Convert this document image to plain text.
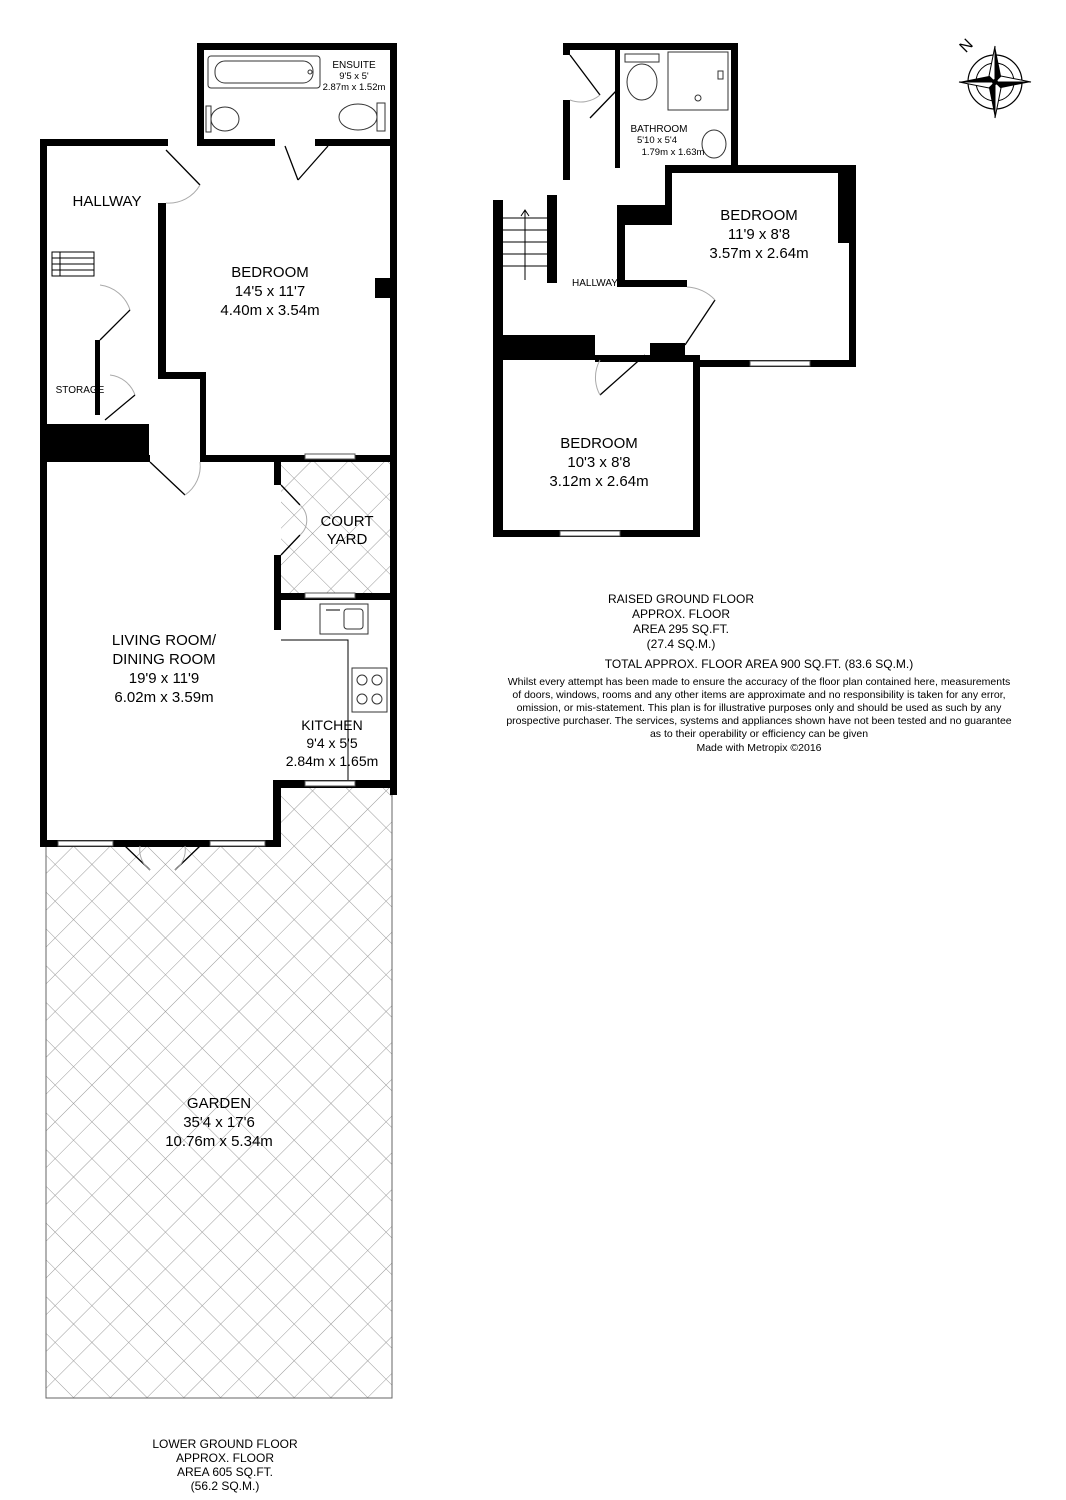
N
ENSUITE
9'5 x 5'
2.87m x 1.52m
HALLWAY
BEDROOM
14'5 x 11'7
4.40m x 3.54m
STORAGE
COURT
YARD
LIVING ROOM/
DINING ROOM
19'9 x 11'9
6.02m x 3.59m
KITCHEN
9'4 x 5'5
2.84m x 1.65m
GARDEN
35'4 x 17'6
10.76m x 5.34m
LOWER GROUND FLOOR
APPROX. FLOOR
AREA 605 SQ.FT.
(56.2 SQ.M.)
BATHROOM
5'10 x 5'4
1.79m x 1.63m
BEDROOM
11'9 x 8'8
3.57m x 2.64m
HALLWAY
BEDROOM
10'3 x 8'8
3.12m x 2.64m
RAISED GROUND FLOOR
APPROX. FLOOR
AREA 295 SQ.FT.
(27.4 SQ.M.)
TOTAL APPROX. FLOOR AREA 900 SQ.FT. (83.6 SQ.M.)
Whilst every attempt has been made to ensure the accuracy of the floor plan contained here, measurements
of doors, windows, rooms and any other items are approximate and no responsibility is taken for any error,
omission, or mis-statement. This plan is for illustrative purposes only and should be used as such by any
prospective purchaser. The services, systems and appliances shown have not been tested and no guarantee
as to their operability or efficiency can be given
Made with Metropix ©2016
